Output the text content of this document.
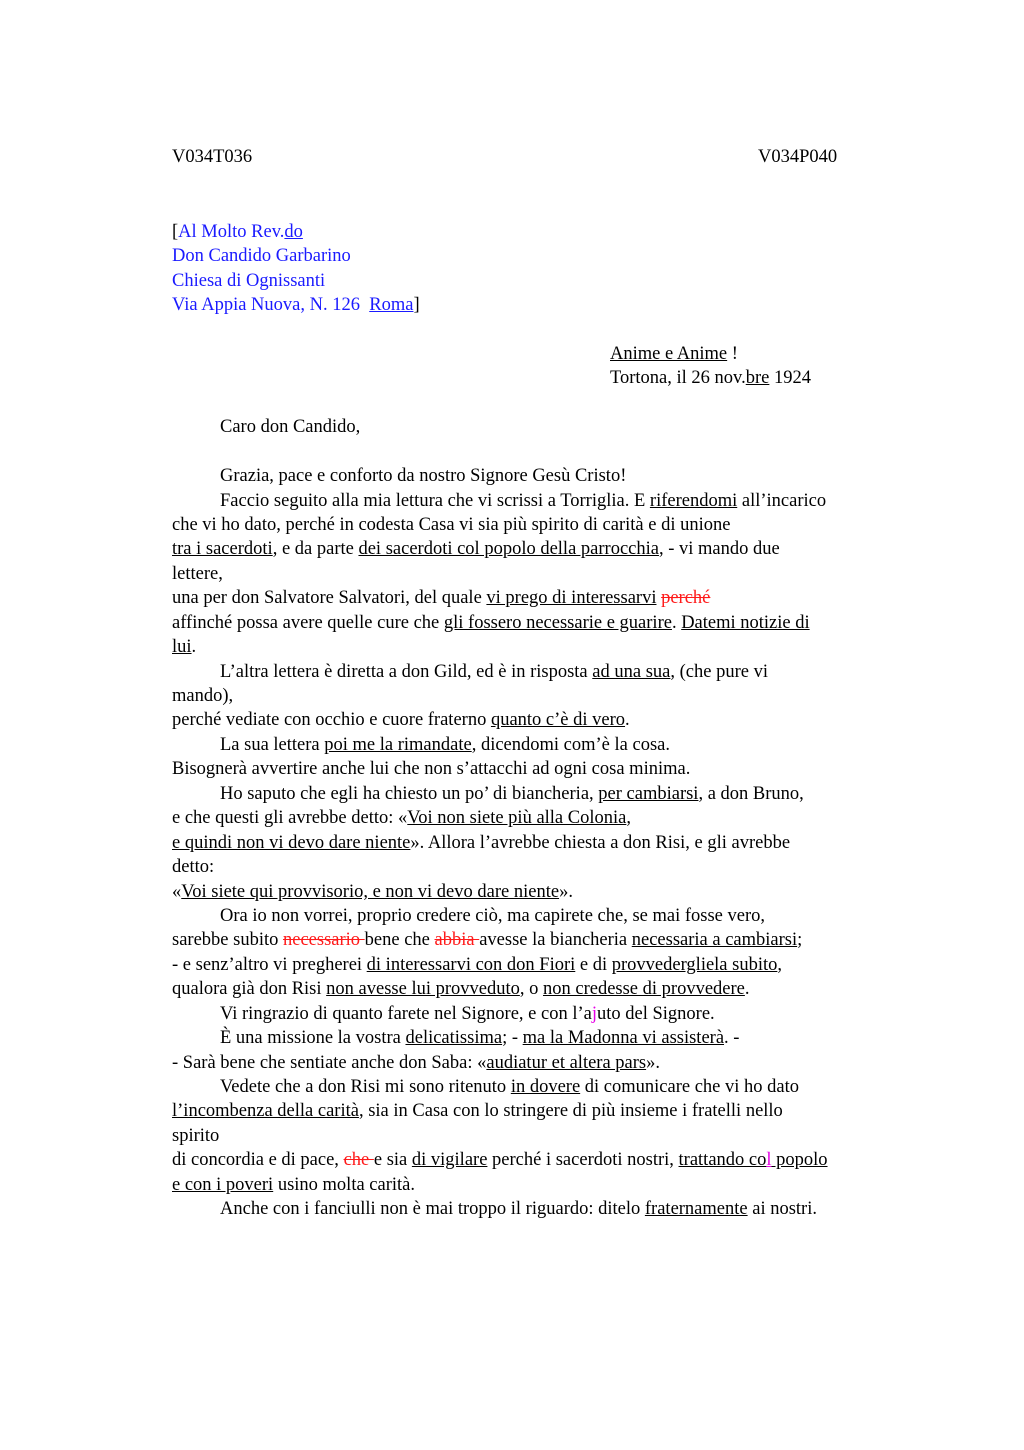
V034T036	V034P040
[Al Molto Rev.do
Don Candido Garbarino
Chiesa di Ognissanti
Via Appia Nuova, N. 126  Roma]
Anime e Anime !
Tortona, il 26 nov.bre 1924
Caro don Candido,
Grazia, pace e conforto da nostro Signore Gesù Cristo!
Faccio seguito alla mia lettura che vi scrissi a Torriglia. E riferendomi all’incarico
che vi ho dato, perché in codesta Casa vi sia più spirito di carità e di unione
tra i sacerdoti, e da parte dei sacerdoti col popolo della parrocchia, - vi mando due
lettere,
una per don Salvatore Salvatori, del quale vi prego di interessarvi perché
affinché possa avere quelle cure che gli fossero necessarie e guarire. Datemi notizie di
lui.
L’altra lettera è diretta a don Gild, ed è in risposta ad una sua, (che pure vi
mando),
perché vediate con occhio e cuore fraterno quanto c’è di vero.
La sua lettera poi me la rimandate, dicendomi com’è la cosa.
Bisognerà avvertire anche lui che non s’attacchi ad ogni cosa minima.
Ho saputo che egli ha chiesto un po’ di biancheria, per cambiarsi, a don Bruno,
e che questi gli avrebbe detto: «Voi non siete più alla Colonia,
e quindi non vi devo dare niente». Allora l’avrebbe chiesta a don Risi, e gli avrebbe
detto:
«Voi siete qui provvisorio, e non vi devo dare niente».
Ora io non vorrei, proprio credere ciò, ma capirete che, se mai fosse vero,
sarebbe subito necessario bene che abbia avesse la biancheria necessaria a cambiarsi;
- e senz’altro vi pregherei di interessarvi con don Fiori e di provvedergliela subito,
qualora già don Risi non avesse lui provveduto, o non credesse di provvedere.
Vi ringrazio di quanto farete nel Signore, e con l’ajuto del Signore.
È una missione la vostra delicatissima; - ma la Madonna vi assisterà. -
- Sarà bene che sentiate anche don Saba: «audiatur et altera pars».
Vedete che a don Risi mi sono ritenuto in dovere di comunicare che vi ho dato
l’incombenza della carità, sia in Casa con lo stringere di più insieme i fratelli nello
spirito
di concordia e di pace, che e sia di vigilare perché i sacerdoti nostri, trattando col popolo
e con i poveri usino molta carità.
Anche con i fanciulli non è mai troppo il riguardo: ditelo fraternamente ai nostri.
